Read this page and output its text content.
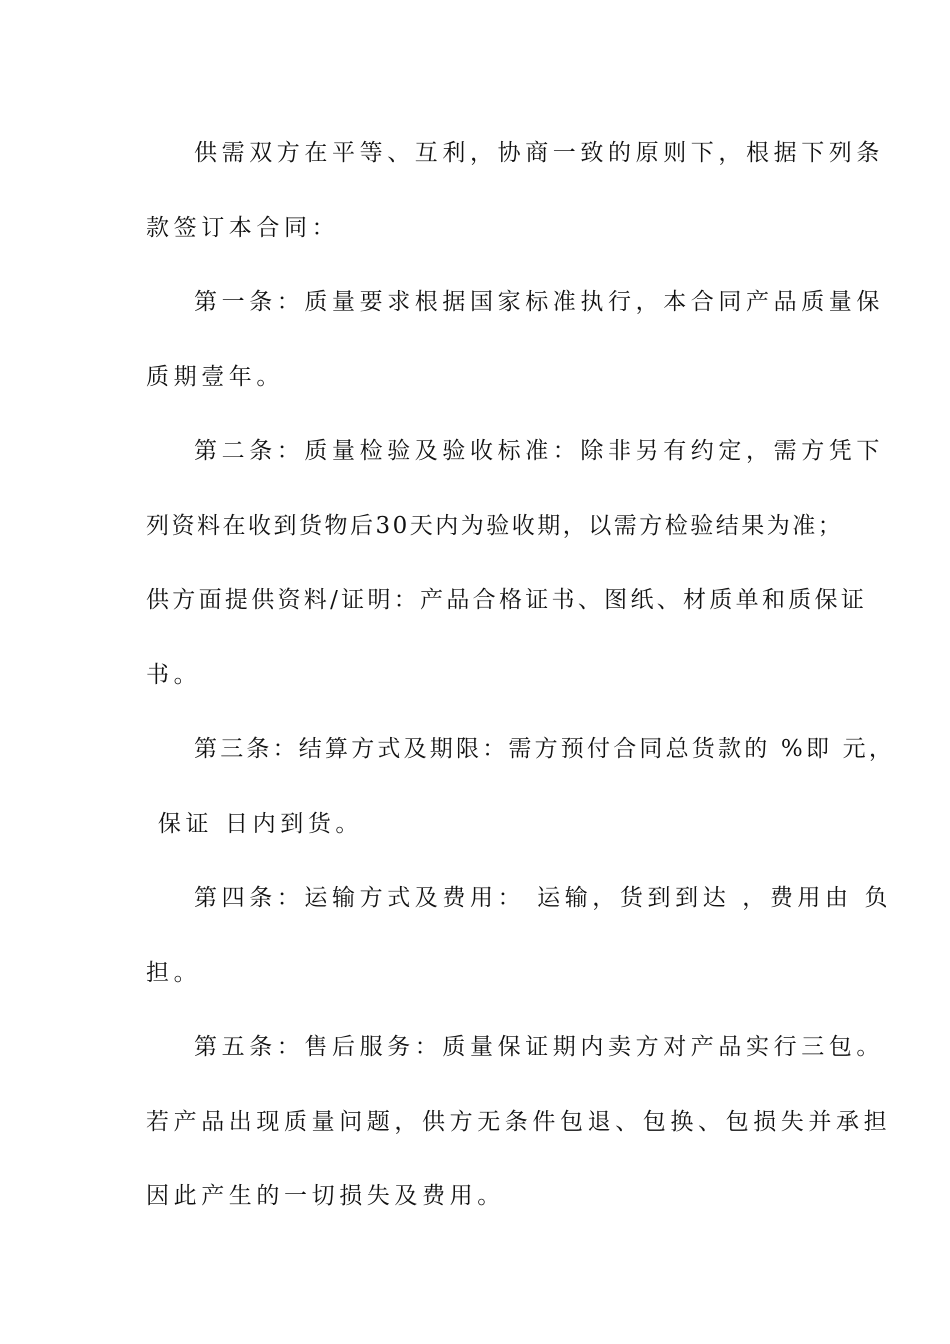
供需双方在平等、互利，协商一致的原则下，根据下列条
款签订本合同：
第一条：质量要求根据国家标准执行，本合同产品质量保
质期壹年。
第二条：质量检验及验收标准：除非另有约定，需方凭下
列资料在收到货物后30天内为验收期，以需方检验结果为准；
供方面提供资料/证明：产品合格证书、图纸、材质单和质保证
书。
第三条：结算方式及期限：需方预付合同总货款的 %即 元，
保证 日内到货。
第四条：运输方式及费用： 运输，货到到达 ，费用由 负
担。
第五条：售后服务：质量保证期内卖方对产品实行三包。
若产品出现质量问题，供方无条件包退、包换、包损失并承担
因此产生的一切损失及费用。
